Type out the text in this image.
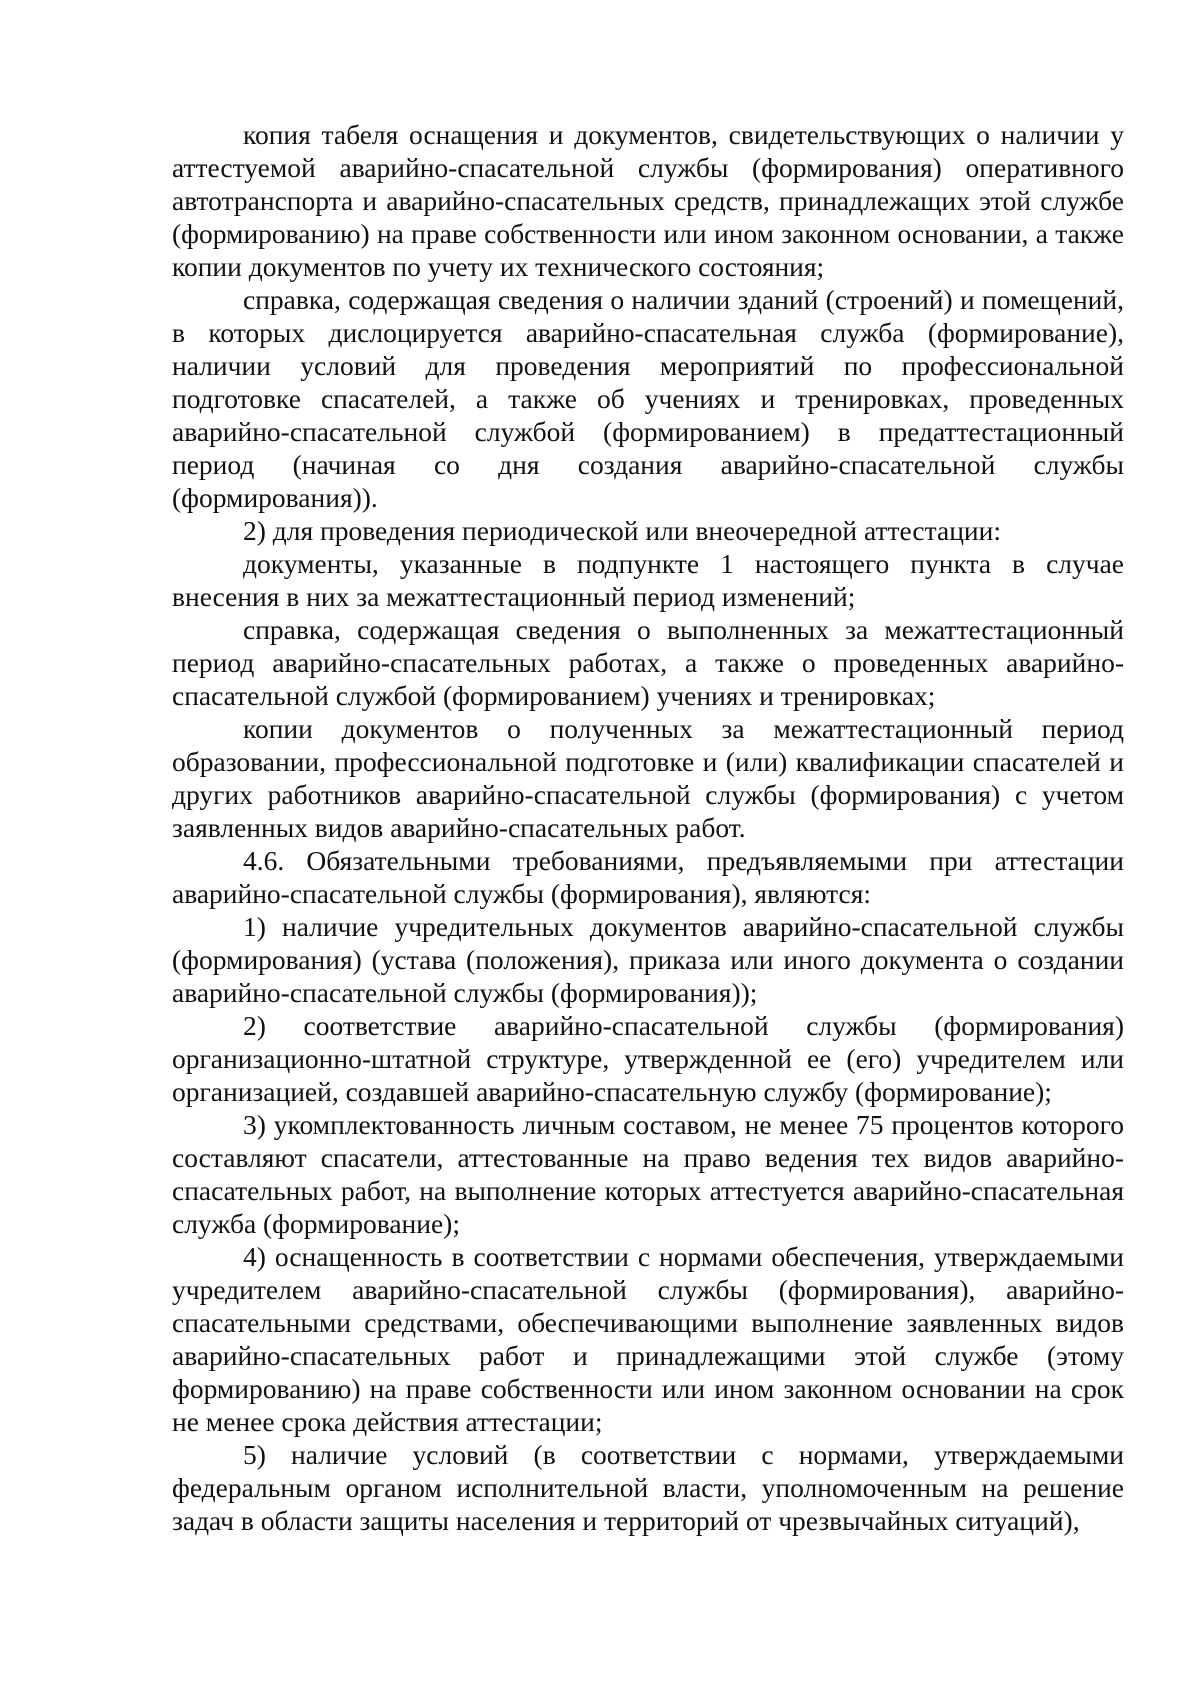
копия табеля оснащения и документов, свидетельствующих о наличии у аттестуемой аварийно-спасательной службы (формирования) оперативного автотранспорта и аварийно-спасательных средств, принадлежащих этой службе (формированию) на праве собственности или ином законном основании, а также копии документов по учету их технического состояния;

справка, содержащая сведения о наличии зданий (строений) и помещений, в которых дислоцируется аварийно-спасательная служба (формирование), наличии условий для проведения мероприятий по профессиональной подготовке спасателей, а также об учениях и тренировках, проведенных аварийно-спасательной службой (формированием) в предаттестационный период (начиная со дня создания аварийно-спасательной службы (формирования)).

2) для проведения периодической или внеочередной аттестации:

документы, указанные в подпункте 1 настоящего пункта в случае внесения в них за межаттестационный период изменений;

справка, содержащая сведения о выполненных за межаттестационный период аварийно-спасательных работах, а также о проведенных аварийно-спасательной службой (формированием) учениях и тренировках;

копии документов о полученных за межаттестационный период образовании, профессиональной подготовке и (или) квалификации спасателей и других работников аварийно-спасательной службы (формирования) с учетом заявленных видов аварийно-спасательных работ.

4.6. Обязательными требованиями, предъявляемыми при аттестации аварийно-спасательной службы (формирования), являются:

1) наличие учредительных документов аварийно-спасательной службы (формирования) (устава (положения), приказа или иного документа о создании аварийно-спасательной службы (формирования));

2) соответствие аварийно-спасательной службы (формирования) организационно-штатной структуре, утвержденной ее (его) учредителем или организацией, создавшей аварийно-спасательную службу (формирование);

3) укомплектованность личным составом, не менее 75 процентов которого составляют спасатели, аттестованные на право ведения тех видов аварийно-спасательных работ, на выполнение которых аттестуется аварийно-спасательная служба (формирование);

4) оснащенность в соответствии с нормами обеспечения, утверждаемыми учредителем аварийно-спасательной службы (формирования), аварийно-спасательными средствами, обеспечивающими выполнение заявленных видов аварийно-спасательных работ и принадлежащими этой службе (этому формированию) на праве собственности или ином законном основании на срок не менее срока действия аттестации;

5) наличие условий (в соответствии с нормами, утверждаемыми федеральным органом исполнительной власти, уполномоченным на решение задач в области защиты населения и территорий от чрезвычайных ситуаций),
